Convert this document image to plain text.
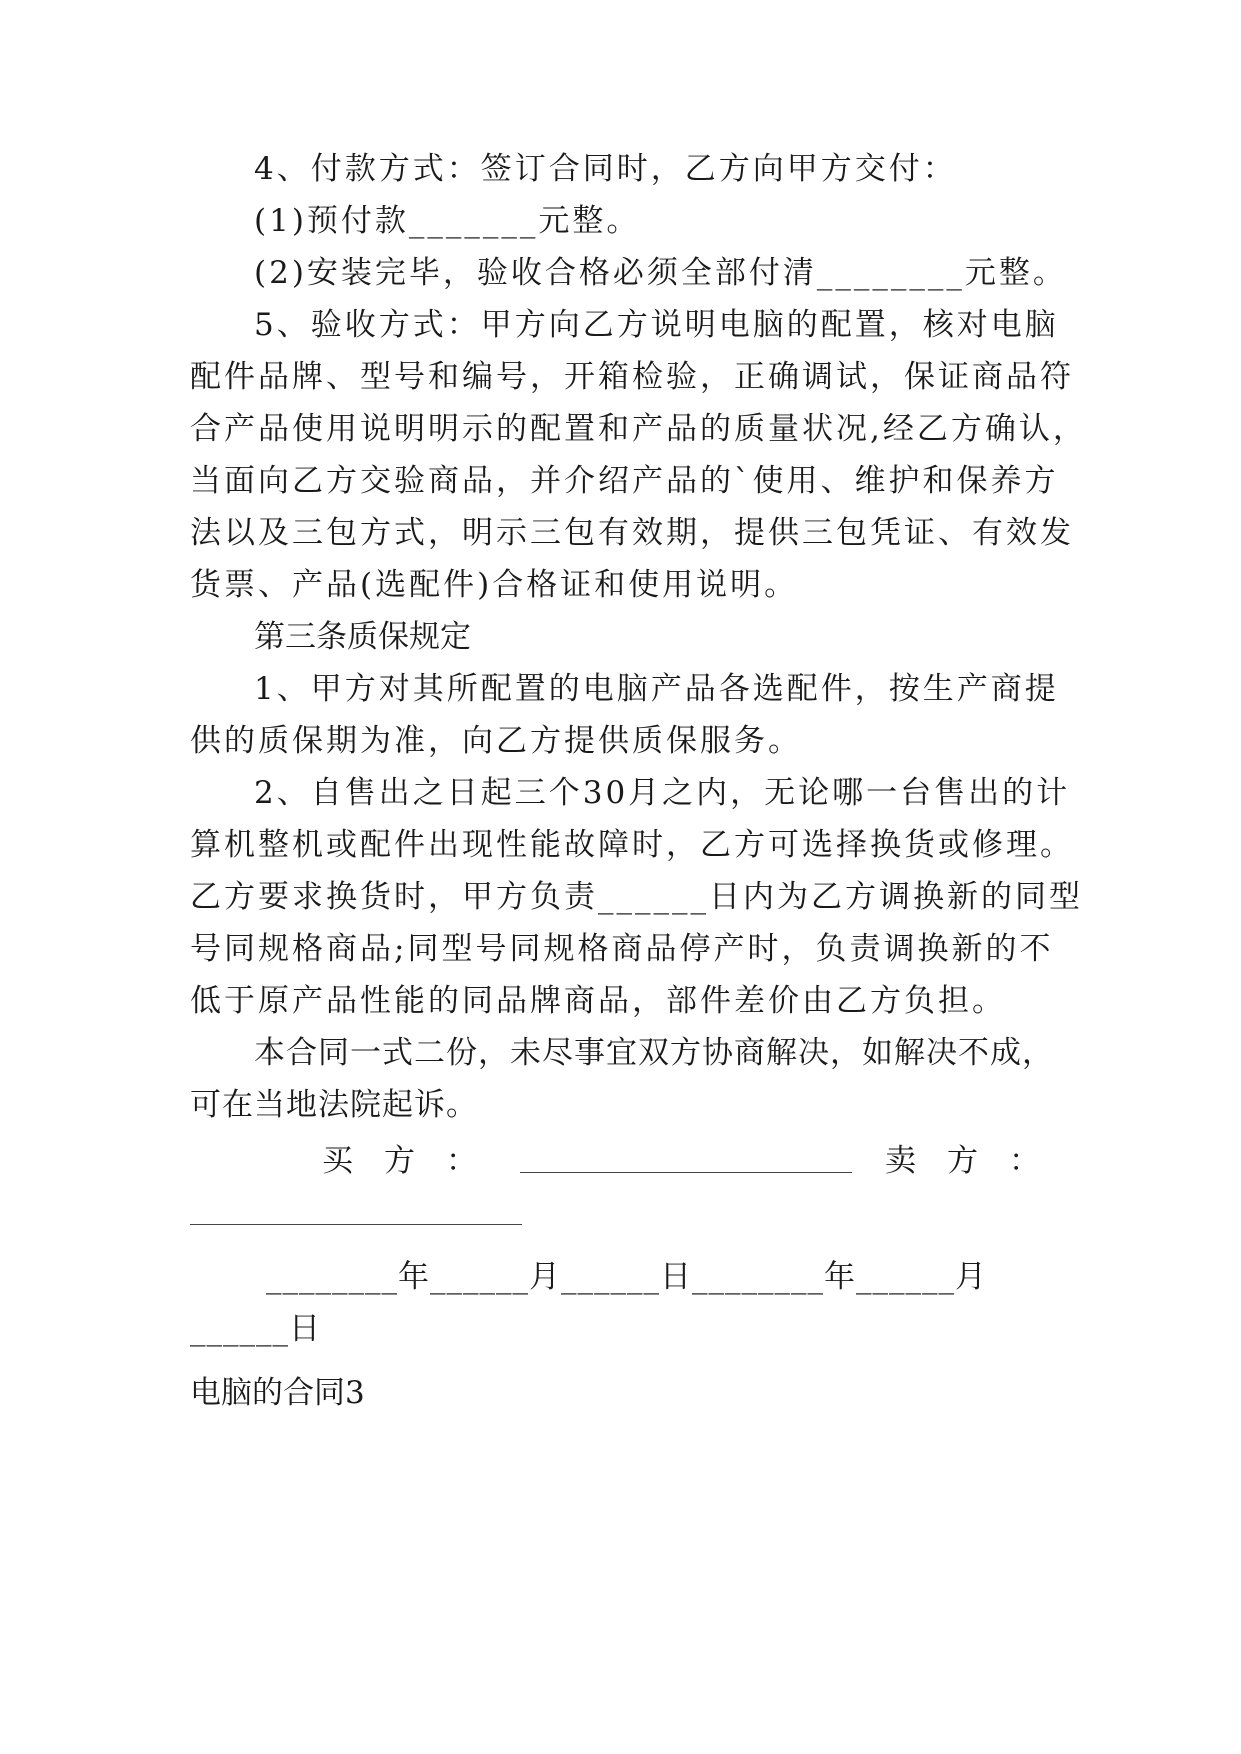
4、付款方式：签订合同时，乙方向甲方交付：
(1)预付款_______元整。
(2)安装完毕，验收合格必须全部付清________元整。
5、验收方式：甲方向乙方说明电脑的配置，核对电脑
配件品牌、型号和编号，开箱检验，正确调试，保证商品符
合产品使用说明明示的配置和产品的质量状况,经乙方确认，
当面向乙方交验商品，并介绍产品的`使用、维护和保养方
法以及三包方式，明示三包有效期，提供三包凭证、有效发
货票、产品(选配件)合格证和使用说明。
第三条质保规定
1、甲方对其所配置的电脑产品各选配件，按生产商提
供的质保期为准，向乙方提供质保服务。
2、自售出之日起三个30月之内，无论哪一台售出的计
算机整机或配件出现性能故障时，乙方可选择换货或修理。
乙方要求换货时，甲方负责______日内为乙方调换新的同型
号同规格商品;同型号同规格商品停产时，负责调换新的不
低于原产品性能的同品牌商品，部件差价由乙方负担。
本合同一式二份，未尽事宜双方协商解决，如解决不成，
可在当地法院起诉。
买　方　：	卖　方　：
________年______月______日________年______月
______日
电脑的合同3
